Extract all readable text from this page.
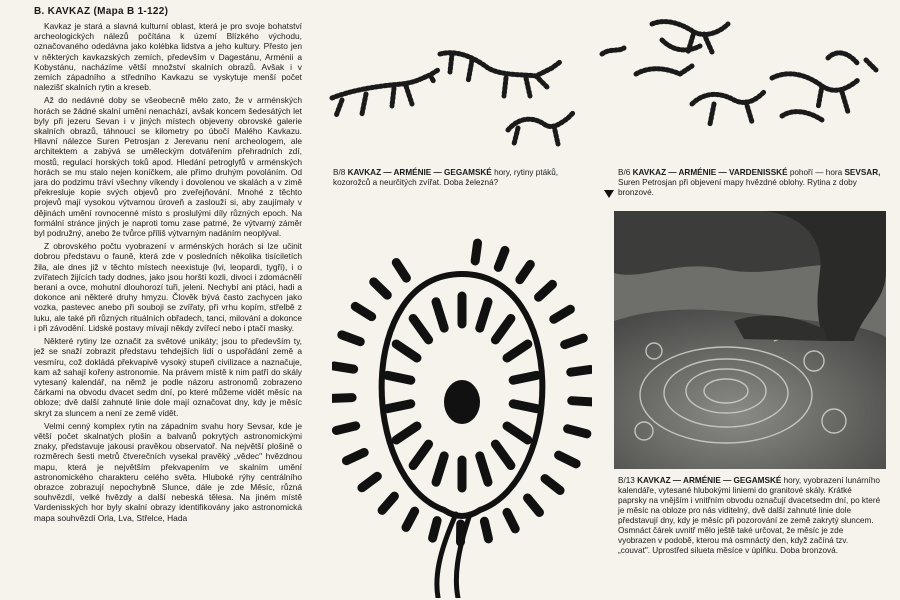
B. KAVKAZ (Mapa B 1-122)

Kavkaz je stará a slavná kulturní oblast, která je pro svoje bohatství archeologických nálezů počítána k území Blízkého východu, označovaného odedávna jako kolébka lidstva a jeho kultury. Přesto jen v některých kavkazských zemích, především v Dagestánu, Arménii a Kobystánu, nacházíme větší množství skalních obrazů. Avšak i v zemích západního a středního Kavkazu se vyskytuje menší počet nalezišť skalních rytin a kreseb.

Až do nedávné doby se všeobecně mělo zato, že v arménských horách se žádné skalní umění nenachází, avšak koncem šedesátých let byly při jezeru Sevan i v jiných místech objeveny obrovské galerie skalních obrazů, táhnoucí se kilometry po úbočí Malého Kavkazu. Hlavní nálezce Suren Petrosjan z Jerevanu není archeologem, ale architektem a zabývá se uměleckým dotvářením přehradních zdí, mostů, regulací horských toků apod. Hledání petroglyfů v arménských horách se mu stalo nejen koníčkem, ale přímo druhým povoláním. Od jara do podzimu tráví všechny víkendy i dovolenou ve skalách a v zimě překresluje kopie svých objevů pro zveřejňování. Mnohé z těchto projevů mají vysokou výtvarnou úroveň a zaslouží si, aby zaujímaly v dějinách umění rovnocenné místo s proslulými díly různých epoch. Na formální stránce jiných je naproti tomu zase patrné, že výtvarný záměr byl podružný, anebo že tvůrce příliš výtvarným nadáním neoplýval.

Z obrovského počtu vyobrazení v arménských horách si lze učinit dobrou představu o fauně, která zde v posledních několika tisíciletích žila, ale dnes již v těchto místech neexistuje (lvi, leopardi, tygři), i o zvířatech žijících tady dodnes, jako jsou horští kozli, divoci i zdomácnělí berani a ovce, mohutní dlouhorozí tuři, jeleni. Nechybí ani ptáci, hadi a dokonce ani některé druhy hmyzu. Člověk bývá často zachycen jako vozka, pastevec anebo při souboji se zvířaty, při vrhu kopím, střelbě z luku, ale také při různých rituálních obřadech, tanci, milování a dokonce i při závodění. Lidské postavy mívají někdy zvířecí nebo i ptačí masky.

Některé rytiny lze označit za světové unikáty; jsou to především ty, jež se snaží zobrazit představu tehdejších lidí o uspořádání země a vesmíru, což dokládá překvapivě vysoký stupeň civilizace a naznačuje, kam až sahají kořeny astronomie. Na právem místě k nim patří do skály vytesaný kalendář, na němž je podle názoru astronomů zobrazeno čárkami na obvodu dvacet sedm dní, po které můžeme vidět měsíc na obloze; dvě další zahnuté linie dole mají označovat dny, kdy je měsíc skryt za sluncem a není ze země vidět.

Velmi cenný komplex rytin na západním svahu hory Sevsar, kde je větší počet skalnatých plošin a balvanů pokrytých astronomickými znaky, představuje jakousi pravěkou observatoř. Na největší plošině o rozměrech šesti metrů čtverečních vysekal pravěký „vědec" hvězdnou mapu, která je největším překvapením ve skalním umění astronomického charakteru celého světa. Hluboké rýhy centrálního obrazce zobrazují nepochybně Slunce, dále je zde Měsíc, různá souhvězdí, velké hvězdy a další nebeská tělesa. Na jiném místě Vardenisských hor byly skalní obrazy identifikovány jako astronomická mapa souhvězdí Orla, Lva, Střelce, Hada

B/8 KAVKAZ — ARMÉNIE — GEGAMSKÉ hory, rytiny ptáků, kozorožců a neurčitých zvířat. Doba železná?
B/6 KAVKAZ — ARMÉNIE — VARDENISSKÉ pohoří — hora SEVSAR, Suren Petrosjan při objevení mapy hvězdné oblohy. Rytina z doby bronzové.
B/13 KAVKAZ — ARMÉNIE — GEGAMSKÉ hory, vyobrazení lunárního kalendáře, vytesané hlubokými liniemi do granitové skály. Krátké paprsky na vnějším i vnitřním obvodu označují dvacetsedm dní, po které je měsíc na obloze pro nás viditelný, dvě další zahnuté linie dole představují dny, kdy je měsíc při pozorování ze země zakrytý sluncem. Osmnáct čárek uvnitř mělo ještě také určovat, že měsíc je zde vyobrazen v podobě, kterou má osmnáctý den, když začíná tzv. „couvat". Uprostřed silueta měsíce v úplňku. Doba bronzová.
